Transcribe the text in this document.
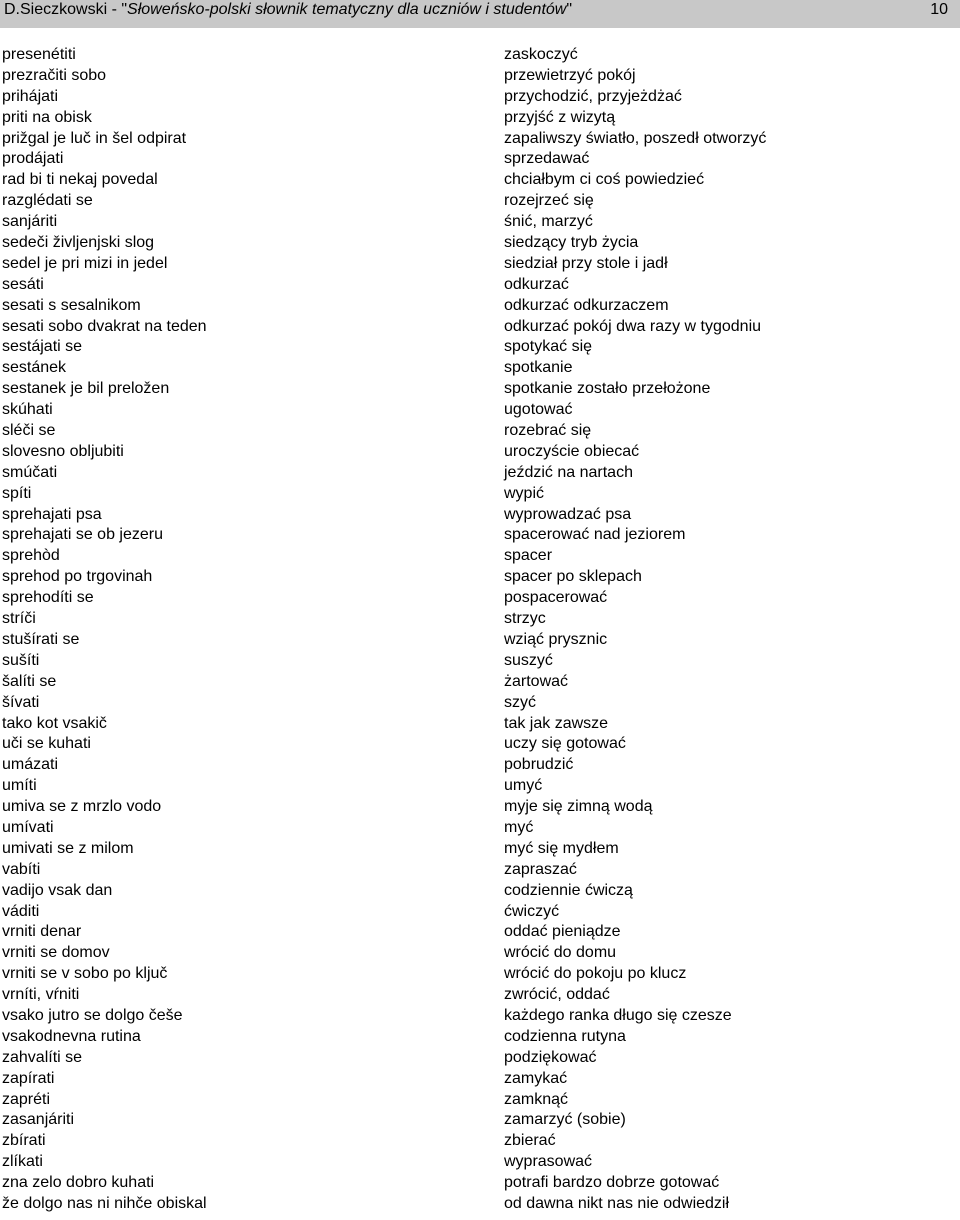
D.Sieczkowski - "Słoweńsko-polski słownik tematyczny dla uczniów i studentów"	10
presenétiti
prezračiti sobo
prihájati
priti na obisk
prižgal je luč in šel odpirat
prodájati
rad bi ti nekaj povedal
razglédati se
sanjáriti
sedeči življenjski slog
sedel je pri mizi in jedel
sesáti
sesati s sesalnikom
sesati sobo dvakrat na teden
sestájati se
sestánek
sestanek je bil preložen
skúhati
sléči se
slovesno obljubiti
smúčati
spíti
sprehajati psa
sprehajati se ob jezeru
sprehòd
sprehod po trgovinah
sprehodíti se
stríči
stušírati se
sušíti
šalíti se
šívati
tako kot vsakič
uči se kuhati
umázati
umíti
umiva se z mrzlo vodo
umívati
umivati se z milom
vabíti
vadijo vsak dan
váditi
vrniti denar
vrniti se domov
vrniti se v sobo po ključ
vrníti, vŕniti
vsako jutro se dolgo češe
vsakodnevna rutina
zahvalíti se
zapírati
zapréti
zasanjáriti
zbírati
zlíkati
zna zelo dobro kuhati
že dolgo nas ni nihče obiskal
zaskoczyć
przewietrzyć pokój
przychodzić, przyjeżdżać
przyjść z wizytą
zapaliwszy światło, poszedł otworzyć
sprzedawać
chciałbym ci coś powiedzieć
rozejrzeć się
śnić, marzyć
siedzący tryb życia
siedział przy stole i jadł
odkurzać
odkurzać odkurzaczem
odkurzać pokój dwa razy w tygodniu
spotykać się
spotkanie
spotkanie zostało przełożone
ugotować
rozebrać się
uroczyście obiecać
jeździć na nartach
wypić
wyprowadzać psa
spacerować nad jeziorem
spacer
spacer po sklepach
pospacerować
strzyc
wziąć prysznic
suszyć
żartować
szyć
tak jak zawsze
uczy się gotować
pobrudzić
umyć
myje się zimną wodą
myć
myć się mydłem
zapraszać
codziennie ćwiczą
ćwiczyć
oddać pieniądze
wrócić do domu
wrócić do pokoju po klucz
zwrócić, oddać
każdego ranka długo się czesze
codzienna rutyna
podziękować
zamykać
zamknąć
zamarzyć (sobie)
zbierać
wyprasować
potrafi bardzo dobrze gotować
od dawna nikt nas nie odwiedził
